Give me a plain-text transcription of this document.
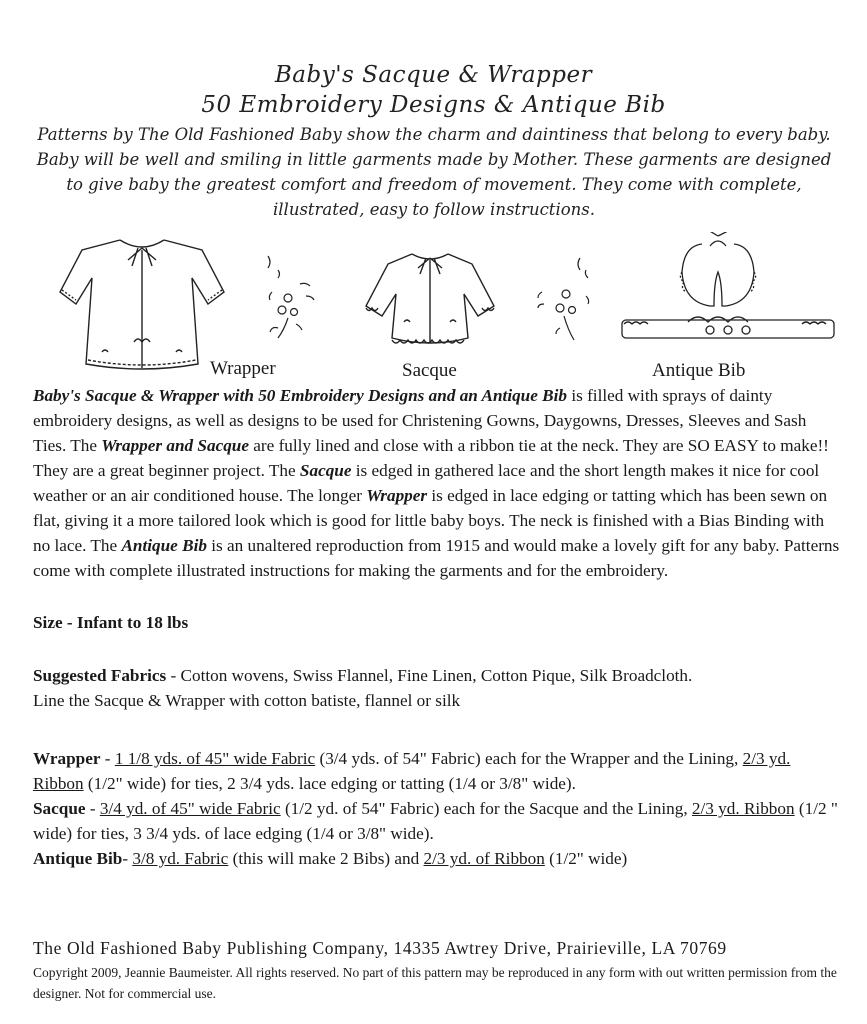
Baby's Sacque & Wrapper
50 Embroidery Designs & Antique Bib
Patterns by The Old Fashioned Baby show the charm and daintiness that belong to every baby. Baby will be well and smiling in little garments made by Mother. These garments are designed to give baby the greatest comfort and freedom of movement. They come with complete, illustrated, easy to follow instructions.
Wrapper	Sacque	Antique Bib

Baby's Sacque & Wrapper with 50 Embroidery Designs and an Antique Bib is filled with sprays of dainty embroidery designs, as well as designs to be used for Christening Gowns, Daygowns, Dresses, Sleeves and Sash Ties. The Wrapper and Sacque are fully lined and close with a ribbon tie at the neck. They are SO EASY to make!! They are a great beginner project. The Sacque is edged in gathered lace and the short length makes it nice for cool weather or an air conditioned house. The longer Wrapper is edged in lace edging or tatting which has been sewn on flat, giving it a more tailored look which is good for little baby boys. The neck is finished with a Bias Binding with no lace. The Antique Bib is an unaltered reproduction from 1915 and would make a lovely gift for any baby. Patterns come with complete illustrated instructions for making the garments and for the embroidery.

Size - Infant to 18 lbs

Suggested Fabrics - Cotton wovens, Swiss Flannel, Fine Linen, Cotton Pique, Silk Broadcloth.

Line the Sacque & Wrapper with cotton batiste, flannel or silk

Wrapper - 1 1/8 yds. of 45" wide Fabric (3/4 yds. of 54" Fabric) each for the Wrapper and the Lining, 2/3 yd. Ribbon (1/2" wide) for ties, 2 3/4 yds. lace edging or tatting (1/4 or 3/8" wide).

Sacque - 3/4 yd. of 45" wide Fabric (1/2 yd. of 54" Fabric) each for the Sacque and the Lining, 2/3 yd. Ribbon (1/2 " wide) for ties, 3 3/4 yds. of lace edging (1/4 or 3/8" wide).

Antique Bib- 3/8 yd. Fabric (this will make 2 Bibs) and 2/3 yd. of Ribbon (1/2" wide)

The Old Fashioned Baby Publishing Company, 14335 Awtrey Drive, Prairieville, LA 70769
Copyright 2009, Jeannie Baumeister. All rights reserved. No part of this pattern may be reproduced in any form with out written permission from the designer. Not for commercial use.
